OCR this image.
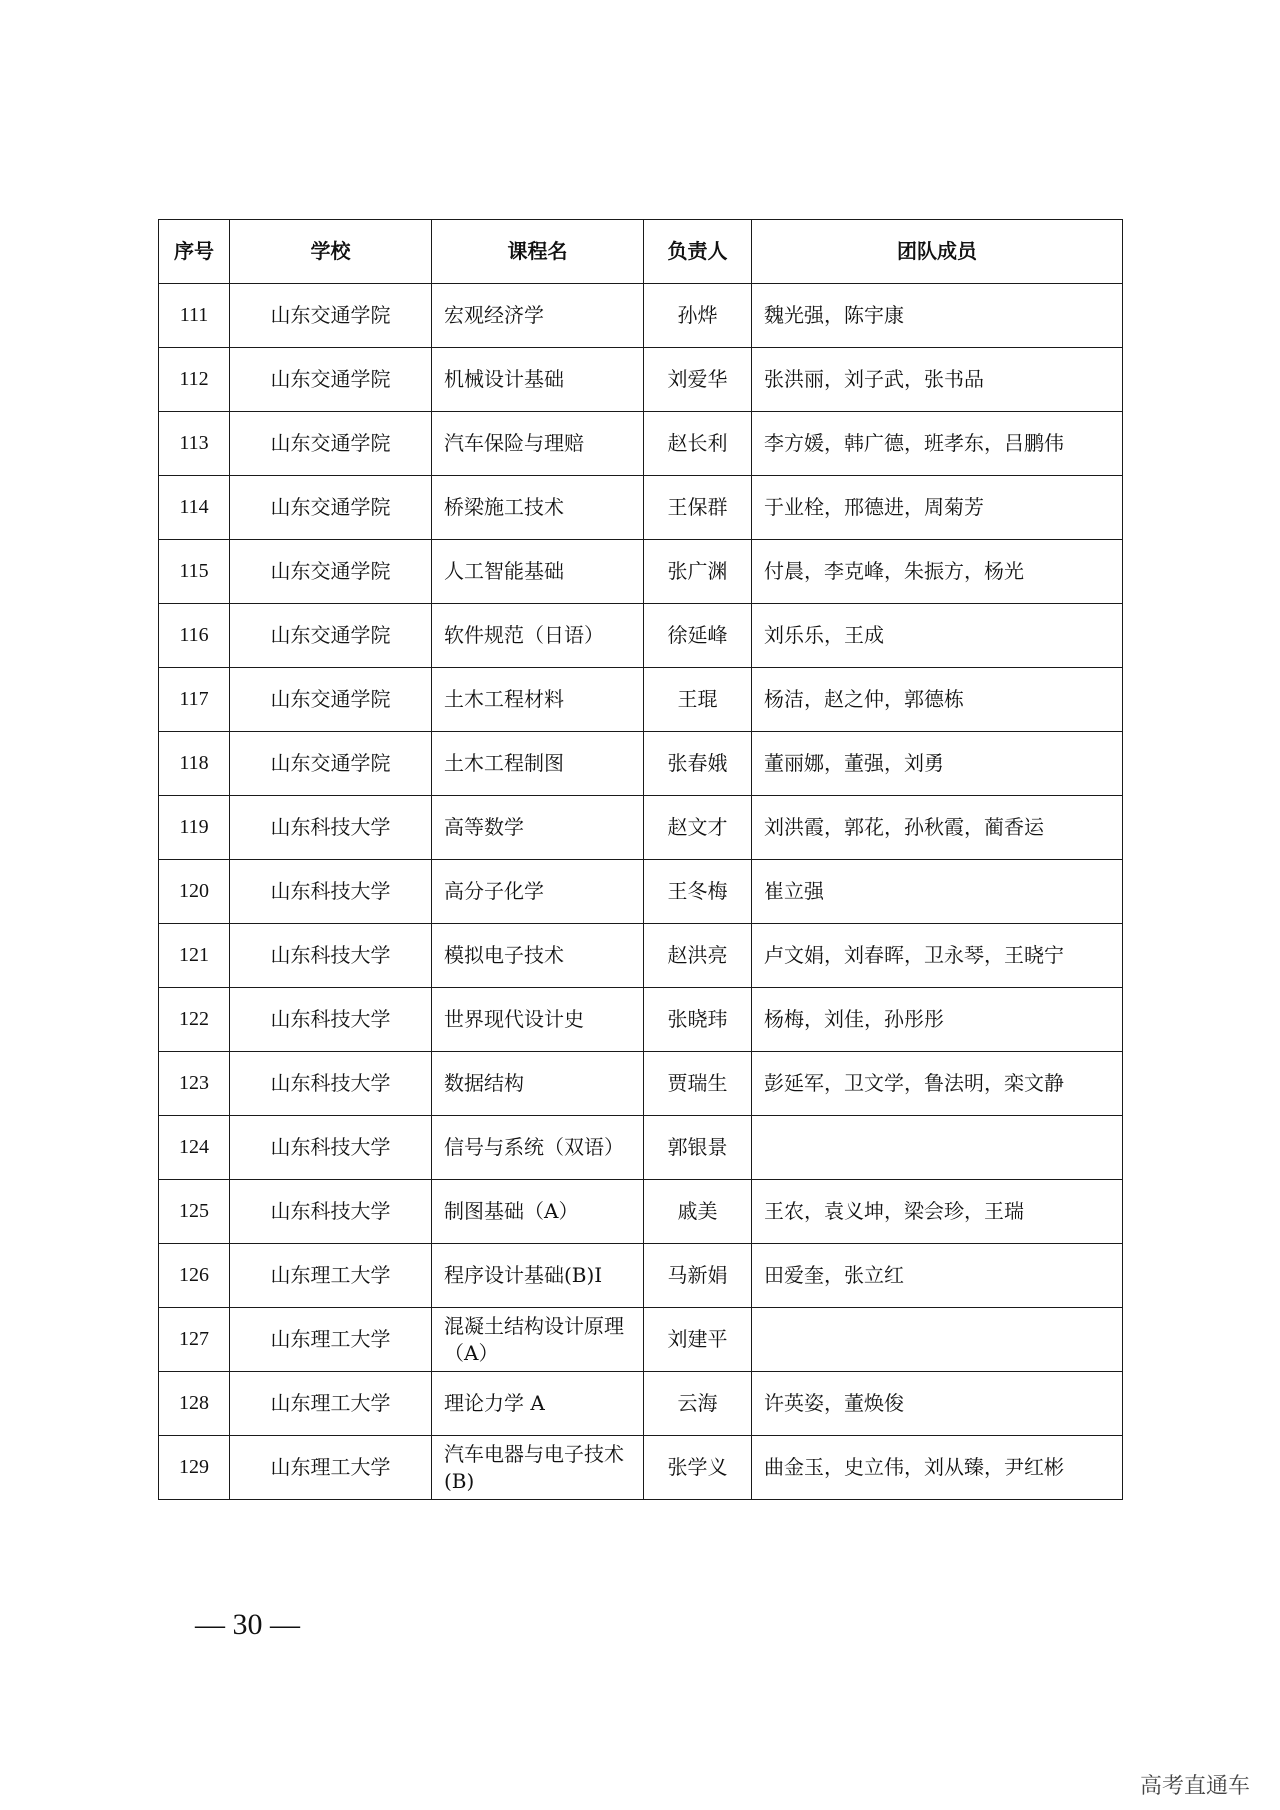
序号	学校	课程名	负责人	团队成员
111	山东交通学院	宏观经济学	孙烨	魏光强，陈宇康
112	山东交通学院	机械设计基础	刘爱华	张洪丽，刘子武，张书品
113	山东交通学院	汽车保险与理赔	赵长利	李方媛，韩广德，班孝东，吕鹏伟
114	山东交通学院	桥梁施工技术	王保群	于业栓，邢德进，周菊芳
115	山东交通学院	人工智能基础	张广渊	付晨，李克峰，朱振方，杨光
116	山东交通学院	软件规范（日语）	徐延峰	刘乐乐，王成
117	山东交通学院	土木工程材料	王琨	杨洁，赵之仲，郭德栋
118	山东交通学院	土木工程制图	张春娥	董丽娜，董强，刘勇
119	山东科技大学	高等数学	赵文才	刘洪霞，郭花，孙秋霞，蔺香运
120	山东科技大学	高分子化学	王冬梅	崔立强
121	山东科技大学	模拟电子技术	赵洪亮	卢文娟，刘春晖，卫永琴，王晓宁
122	山东科技大学	世界现代设计史	张晓玮	杨梅，刘佳，孙彤彤
123	山东科技大学	数据结构	贾瑞生	彭延军，卫文学，鲁法明，栾文静
124	山东科技大学	信号与系统（双语）	郭银景	
125	山东科技大学	制图基础（A）	戚美	王农，袁义坤，梁会珍，王瑞
126	山东理工大学	程序设计基础(B)Ⅰ	马新娟	田爱奎，张立红
127	山东理工大学	混凝土结构设计原理（A）	刘建平	
128	山东理工大学	理论力学 A	云海	许英姿，董焕俊
129	山东理工大学	汽车电器与电子技术(B)	张学义	曲金玉，史立伟，刘从臻，尹红彬
— 30 —
高考直通车
